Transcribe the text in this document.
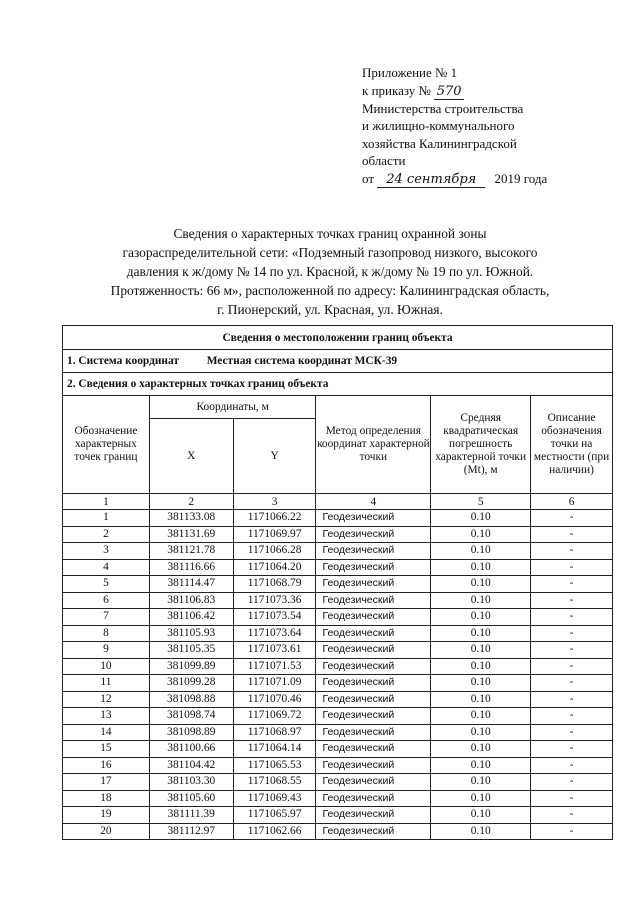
Приложение № 1
к приказу № 570
Министерства строительства
и жилищно-коммунального
хозяйства Калининградской
области
от 24 сентября 2019 года
Сведения о характерных точках границ охранной зоны
газораспределительной сети: «Подземный газопровод низкого, высокого
давления к ж/дому № 14 по ул. Красной, к ж/дому № 19 по ул. Южной.
Протяженность: 66 м», расположенной по адресу: Калининградская область,
г. Пионерский, ул. Красная, ул. Южная.
Сведения о местоположении границ объекта					
1. Система координат Местная система координат МСК-39					
2. Сведения о характерных точках границ объекта					
Обозначение характерных точек границ	Координаты, м		Метод определения координат характерной точки	Средняя квадратическая погрешность характерной точки (Mt), м	Описание обозначения точки на местности (при наличии)
	X	Y			
1	2	3	4	5	6
1	381133.08	1171066.22	Геодезический	0.10	-
2	381131.69	1171069.97	Геодезический	0.10	-
3	381121.78	1171066.28	Геодезический	0.10	-
4	381116.66	1171064.20	Геодезический	0.10	-
5	381114.47	1171068.79	Геодезический	0.10	-
6	381106.83	1171073.36	Геодезический	0.10	-
7	381106.42	1171073.54	Геодезический	0.10	-
8	381105.93	1171073.64	Геодезический	0.10	-
9	381105.35	1171073.61	Геодезический	0.10	-
10	381099.89	1171071.53	Геодезический	0.10	-
11	381099.28	1171071.09	Геодезический	0.10	-
12	381098.88	1171070.46	Геодезический	0.10	-
13	381098.74	1171069.72	Геодезический	0.10	-
14	381098.89	1171068.97	Геодезический	0.10	-
15	381100.66	1171064.14	Геодезический	0.10	-
16	381104.42	1171065.53	Геодезический	0.10	-
17	381103.30	1171068.55	Геодезический	0.10	-
18	381105.60	1171069.43	Геодезический	0.10	-
19	381111.39	1171065.97	Геодезический	0.10	-
20	381112.97	1171062.66	Геодезический	0.10	-
